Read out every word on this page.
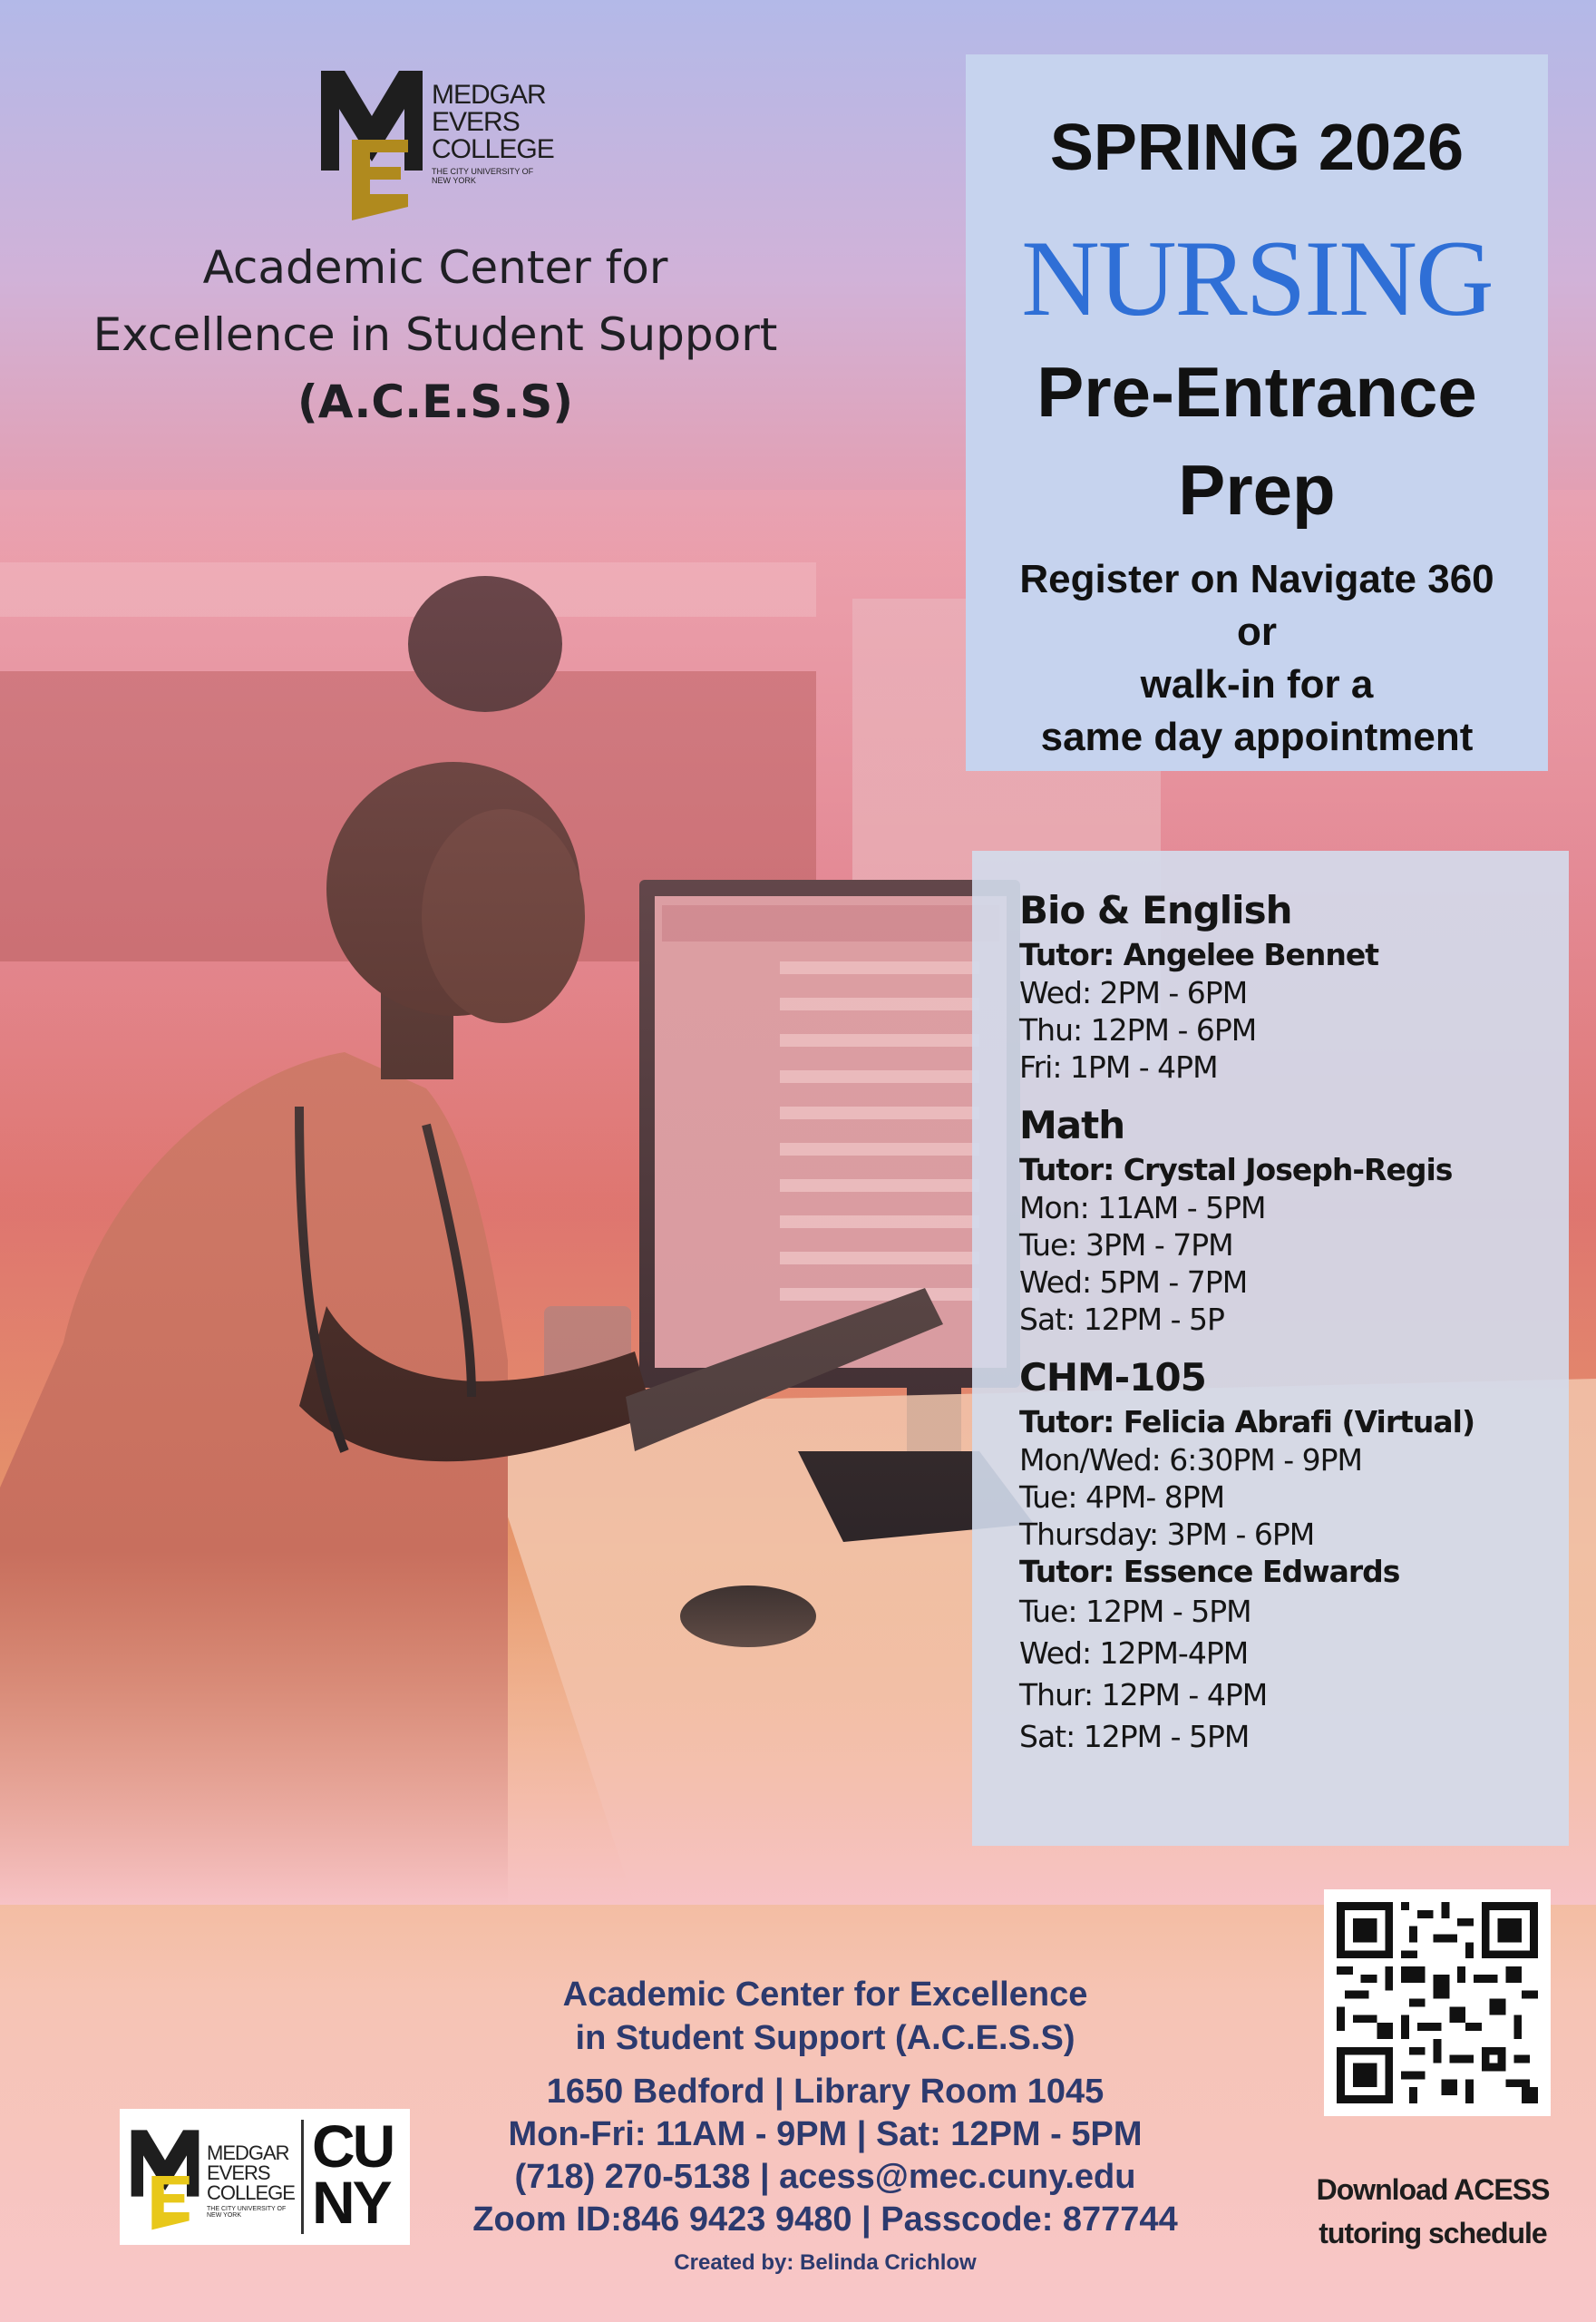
MEDGAR
EVERS
COLLEGE
THE CITY UNIVERSITY OF NEW YORK
Academic Center for
Excellence in Student Support
(A.C.E.S.S)
SPRING 2026
NURSING
Pre-Entrance
Prep
Register on Navigate 360
or
walk-in for a
same day appointment
Bio & English
Tutor: Angelee Bennet
Wed: 2PM - 6PM
Thu: 12PM - 6PM
Fri: 1PM - 4PM
Math
Tutor: Crystal Joseph-Regis
Mon: 11AM - 5PM
Tue: 3PM - 7PM
Wed: 5PM - 7PM
Sat: 12PM - 5P
CHM-105
Tutor: Felicia Abrafi (Virtual)
Mon/Wed: 6:30PM - 9PM
Tue: 4PM- 8PM
Thursday: 3PM - 6PM
Tutor: Essence Edwards
Tue: 12PM - 5PM
Wed: 12PM-4PM
Thur: 12PM - 4PM
Sat: 12PM - 5PM
Download ACESS
tutoring schedule
MEDGAR EVERS COLLEGE
THE CITY UNIVERSITY OF NEW YORK
CU
NY
Academic Center for Excellence
in Student Support (A.C.E.S.S)
1650 Bedford | Library Room 1045
Mon-Fri: 11AM - 9PM | Sat: 12PM - 5PM
(718) 270-5138 | acess@mec.cuny.edu
Zoom ID:846 9423 9480 | Passcode: 877744
Created by: Belinda Crichlow
